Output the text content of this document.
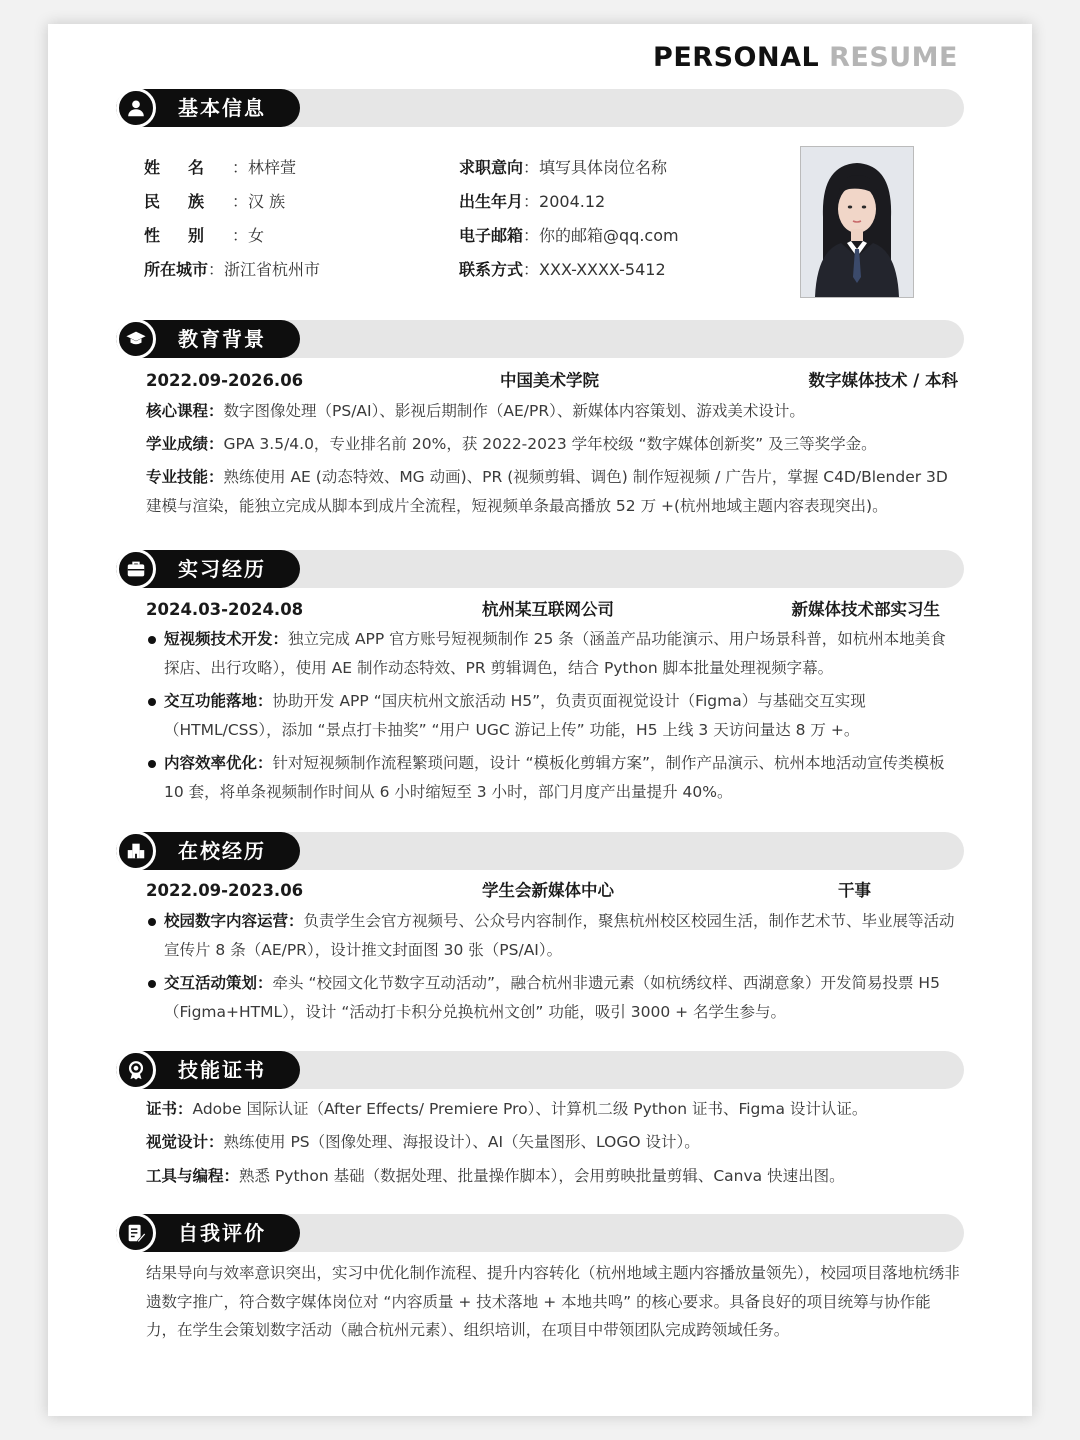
PERSONAL RESUME
基本信息
姓名：林梓萱
民族：汉 族
性别：女
所在城市：浙江省杭州市
求职意向：填写具体岗位名称
出生年月：2004.12
电子邮箱：你的邮箱@qq.com
联系方式：XXX-XXXX-5412
教育背景
2022.09-2026.06	中国美术学院	数字媒体技术 / 本科
核心课程：数字图像处理（PS/AI）、影视后期制作（AE/PR）、新媒体内容策划、游戏美术设计。
学业成绩：GPA 3.5/4.0，专业排名前 20%，获 2022-2023 学年校级 “数字媒体创新奖” 及三等奖学金。
专业技能：熟练使用 AE (动态特效、MG 动画)、PR (视频剪辑、调色) 制作短视频 / 广告片，掌握 C4D/Blender 3D 建模与渲染，能独立完成从脚本到成片全流程，短视频单条最高播放 52 万 +(杭州地域主题内容表现突出)。
实习经历
2024.03-2024.08	杭州某互联网公司	新媒体技术部实习生
短视频技术开发：独立完成 APP 官方账号短视频制作 25 条（涵盖产品功能演示、用户场景科普，如杭州本地美食探店、出行攻略），使用 AE 制作动态特效、PR 剪辑调色，结合 Python 脚本批量处理视频字幕。
交互功能落地：协助开发 APP “国庆杭州文旅活动 H5”，负责页面视觉设计（Figma）与基础交互实现（HTML/CSS），添加 “景点打卡抽奖” “用户 UGC 游记上传” 功能，H5 上线 3 天访问量达 8 万 +。
内容效率优化：针对短视频制作流程繁琐问题，设计 “模板化剪辑方案”，制作产品演示、杭州本地活动宣传类模板 10 套，将单条视频制作时间从 6 小时缩短至 3 小时，部门月度产出量提升 40%。
在校经历
2022.09-2023.06	学生会新媒体中心	干事
校园数字内容运营：负责学生会官方视频号、公众号内容制作，聚焦杭州校区校园生活，制作艺术节、毕业展等活动宣传片 8 条（AE/PR），设计推文封面图 30 张（PS/AI）。
交互活动策划：牵头 “校园文化节数字互动活动”，融合杭州非遗元素（如杭绣纹样、西湖意象）开发简易投票 H5（Figma+HTML），设计 “活动打卡积分兑换杭州文创” 功能，吸引 3000 + 名学生参与。
技能证书
证书：Adobe 国际认证（After Effects/ Premiere Pro）、计算机二级 Python 证书、Figma 设计认证。
视觉设计：熟练使用 PS（图像处理、海报设计）、AI（矢量图形、LOGO 设计）。
工具与编程：熟悉 Python 基础（数据处理、批量操作脚本），会用剪映批量剪辑、Canva 快速出图。
自我评价
结果导向与效率意识突出，实习中优化制作流程、提升内容转化（杭州地域主题内容播放量领先），校园项目落地杭绣非遗数字推广，符合数字媒体岗位对 “内容质量 + 技术落地 + 本地共鸣” 的核心要求。具备良好的项目统筹与协作能力，在学生会策划数字活动（融合杭州元素）、组织培训，在项目中带领团队完成跨领域任务。
